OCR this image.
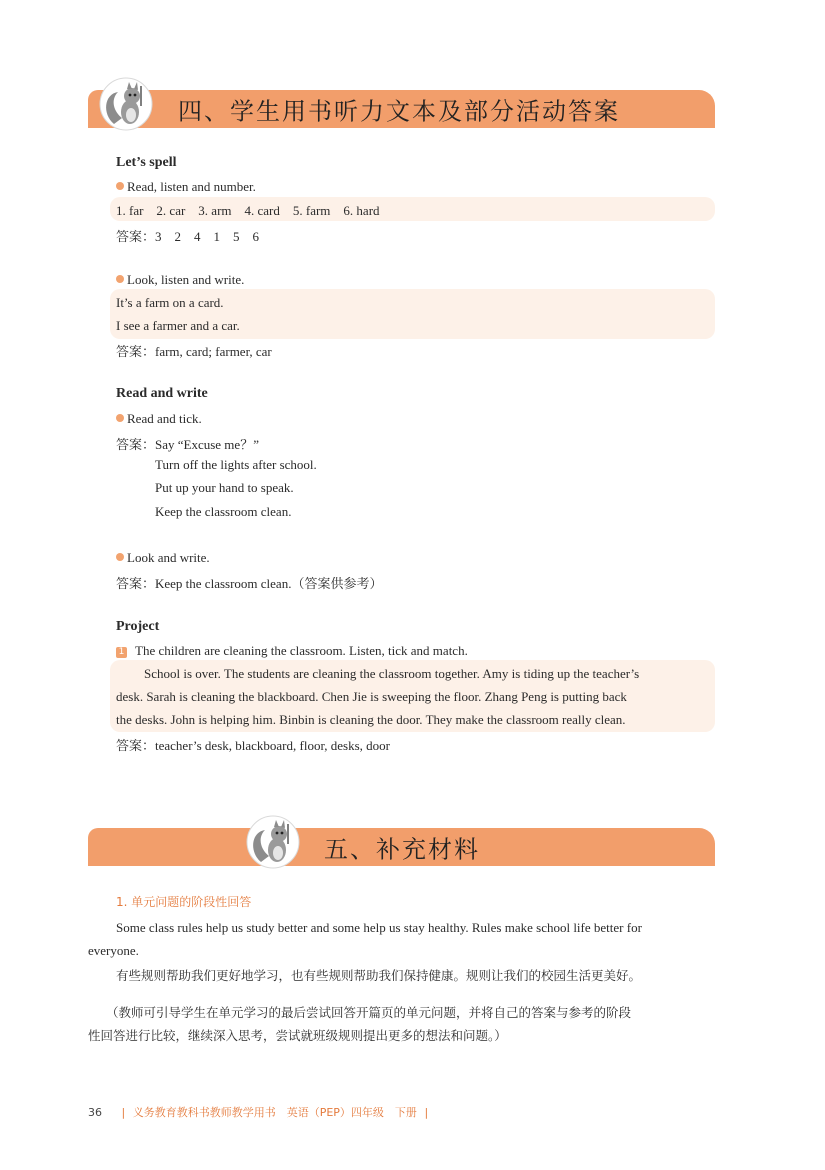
四、学生用书听力文本及部分活动答案
Let’s spell
Read, listen and number.
1. far    2. car    3. arm    4. card    5. farm    6. hard
答案：3    2    4    1    5    6
Look, listen and write.
It’s a farm on a card.
I see a farmer and a car.
答案：farm, card; farmer, car
Read and write
Read and tick.
答案：Say “Excuse me？”
Turn off the lights after school.
Put up your hand to speak.
Keep the classroom clean.
Look and write.
答案：Keep the classroom clean.（答案供参考）
Project
1 The children are cleaning the classroom. Listen, tick and match.
School is over. The students are cleaning the classroom together. Amy is tiding up the teacher’s
desk. Sarah is cleaning the blackboard. Chen Jie is sweeping the floor. Zhang Peng is putting back
the desks. John is helping him. Binbin is cleaning the door. They make the classroom really clean.
答案：teacher’s desk, blackboard, floor, desks, door
五、补充材料
1. 单元问题的阶段性回答
Some class rules help us study better and some help us stay healthy. Rules make school life better for
everyone.
有些规则帮助我们更好地学习，也有些规则帮助我们保持健康。规则让我们的校园生活更美好。
（教师可引导学生在单元学习的最后尝试回答开篇页的单元问题，并将自己的答案与参考的阶段
性回答进行比较，继续深入思考，尝试就班级规则提出更多的想法和问题。）
36 | 义务教育教科书教师教学用书　英语（PEP）四年级　下册 |
